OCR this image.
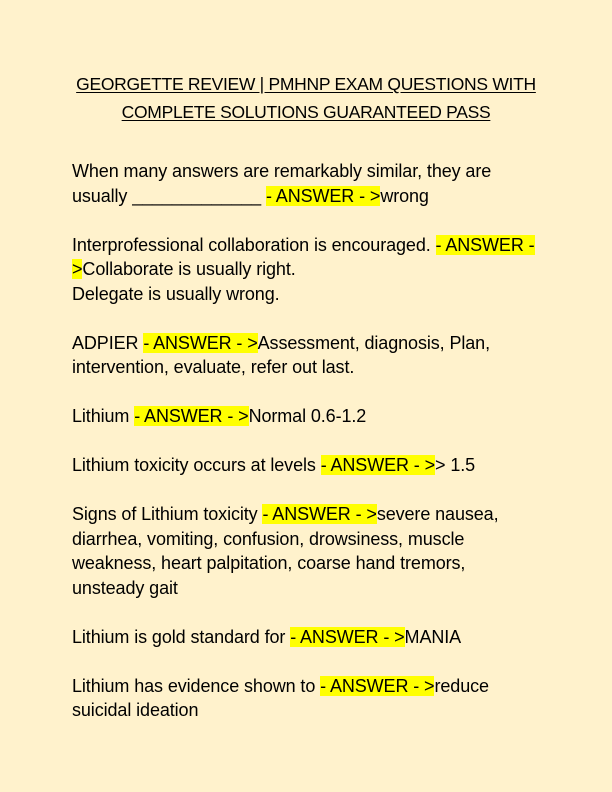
GEORGETTE REVIEW | PMHNP EXAM QUESTIONS WITH
COMPLETE SOLUTIONS GUARANTEED PASS
When many answers are remarkably similar, they are usually _____________ - ANSWER - >wrong
Interprofessional collaboration is encouraged. - ANSWER - >Collaborate is usually right.
Delegate is usually wrong.
ADPIER - ANSWER - >Assessment, diagnosis, Plan, intervention, evaluate, refer out last.
Lithium - ANSWER - >Normal 0.6-1.2
Lithium toxicity occurs at levels - ANSWER - >> 1.5
Signs of Lithium toxicity - ANSWER - >severe nausea, diarrhea, vomiting, confusion, drowsiness, muscle weakness, heart palpitation, coarse hand tremors, unsteady gait
Lithium is gold standard for - ANSWER - >MANIA
Lithium has evidence shown to - ANSWER - >reduce suicidal ideation
